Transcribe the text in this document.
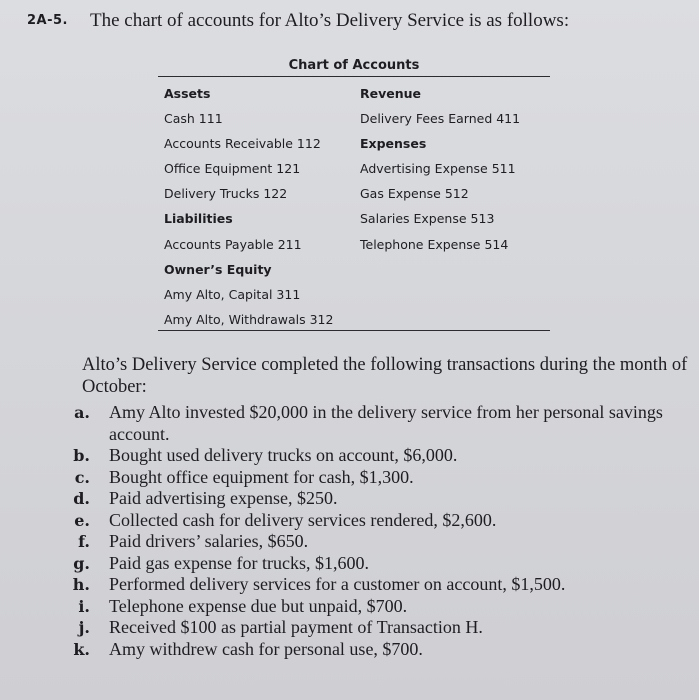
2A-5. The chart of accounts for Alto’s Delivery Service is as follows:
Chart of Accounts
Assets
Cash 111
Accounts Receivable 112
Office Equipment 121
Delivery Trucks 122
Liabilities
Accounts Payable 211
Owner’s Equity
Amy Alto, Capital 311
Amy Alto, Withdrawals 312
Revenue
Delivery Fees Earned 411
Expenses
Advertising Expense 511
Gas Expense 512
Salaries Expense 513
Telephone Expense 514
Alto’s Delivery Service completed the following transactions during the month of October:
a. Amy Alto invested $20,000 in the delivery service from her personal savings account.
b. Bought used delivery trucks on account, $6,000.
c. Bought office equipment for cash, $1,300.
d. Paid advertising expense, $250.
e. Collected cash for delivery services rendered, $2,600.
f. Paid drivers’ salaries, $650.
g. Paid gas expense for trucks, $1,600.
h. Performed delivery services for a customer on account, $1,500.
i. Telephone expense due but unpaid, $700.
j. Received $100 as partial payment of Transaction H.
k. Amy withdrew cash for personal use, $700.
